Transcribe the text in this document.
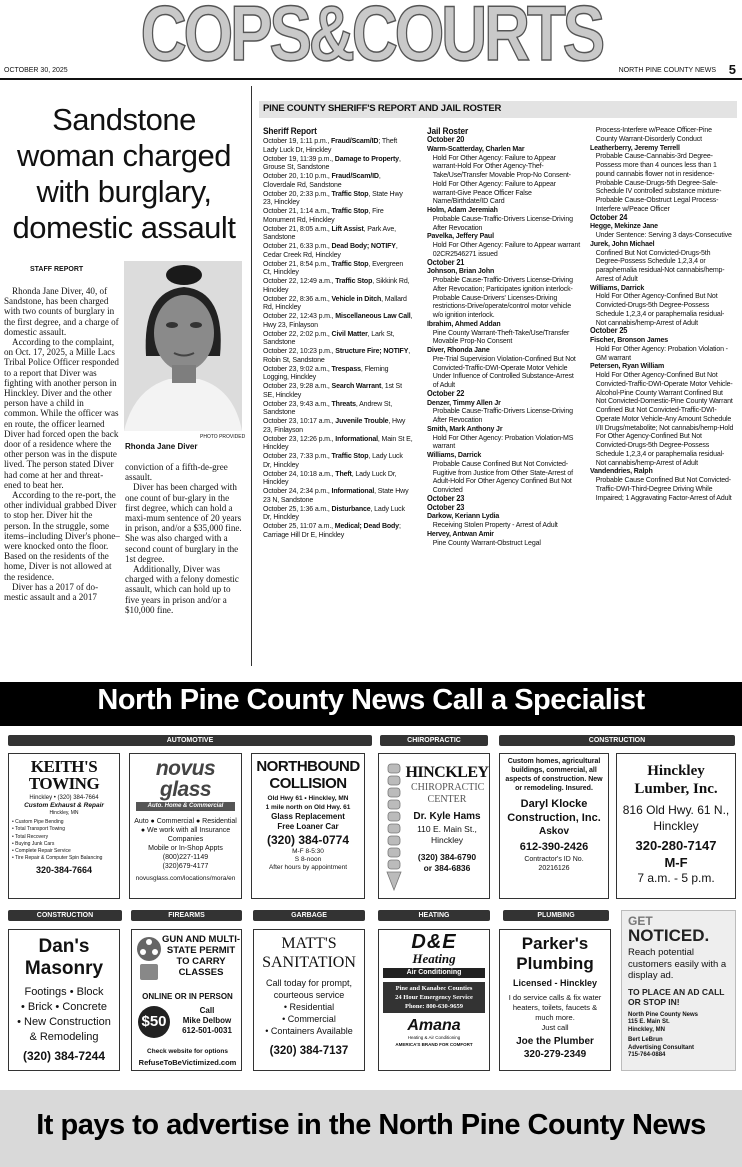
COPS&COURTS
OCTOBER 30, 2025	NORTH PINE COUNTY NEWS 5
Sandstone woman charged with burglary, domestic assault
STAFF REPORT

Rhonda Jane Diver, 40, of Sandstone, has been charged with two counts of burglary in the first degree, and a charge of domestic assault.

According to the complaint, on Oct. 17, 2025, a Mille Lacs Tribal Police Officer responded to a report that Diver was fighting with another person in Hinckley. Diver and the other person have a child in common. While the officer was en route, the officer learned Diver had forced open the back door of a residence where the other person was in the dispute lived. The person stated Diver had come at her and threat-ened to beat her.

According to the re-port, the other individual grabbed Diver to stop her. Diver hit the person. In the struggle, some items–including Diver's phone–were knocked onto the floor. Based on the residents of the home, Diver is not allowed at the residence.

Diver has a 2017 of do-mestic assault and a 2017

PHOTO PROVIDED
Rhonda Jane Diver

conviction of a fifth-de-gree assault.

Diver has been charged with one count of bur-glary in the first degree, which can hold a maxi-mum sentence of 20 years in prison, and/or a $35,000 fine. She was also charged with a second count of burglary in the 1st degree.

Additionally, Diver was charged with a felony domestic assault, which can hold up to five years in prison and/or a $10,000 fine.

PINE COUNTY SHERIFF'S REPORT AND JAIL ROSTER
Sheriff Report
October 19, 1:11 p.m., Fraud/Scam/ID; Theft Lady Luck Dr, Hinckley
October 19, 11:39 p.m., Damage to Property, Grouse St, Sandstone
October 20, 1:10 p.m., Fraud/Scam/ID, Cloverdale Rd, Sandstone
October 20, 2:33 p.m., Traffic Stop, State Hwy 23, Hinckley
October 21, 1:14 a.m., Traffic Stop, Fire Monument Rd, Hinckley
October 21, 8:05 a.m., Lift Assist, Park Ave, Sandstone
October 21, 6:33 p.m., Dead Body; NOTIFY, Cedar Creek Rd, Hinckley
October 21, 8:54 p.m., Traffic Stop, Evergreen Ct, Hinckley
October 22, 12:49 a.m., Traffic Stop, Sikkink Rd, Hinckley
October 22, 8:36 a.m., Vehicle in Ditch, Mallard Rd, Hinckley
October 22, 12:43 p.m., Miscellaneous Law Call, Hwy 23, Finlayson
October 22, 2:02 p.m., Civil Matter, Lark St, Sandstone
October 22, 10:23 p.m., Structure Fire; NOTIFY, Robin St, Sandstone
October 23, 9:02 a.m., Trespass, Fleming Logging, Hinckley
October 23, 9:28 a.m., Search Warrant, 1st St SE, Hinckley
October 23, 9:43 a.m., Threats, Andrew St, Sandstone
October 23, 10:17 a.m., Juvenile Trouble, Hwy 23, Finlayson
October 23, 12:26 p.m., Informational, Main St E, Hinckley
October 23, 7:33 p.m., Traffic Stop, Lady Luck Dr, Hinckley
October 24, 10:18 a.m., Theft, Lady Luck Dr, Hinckley
October 24, 2:34 p.m., Informational, State Hwy 23 N, Sandstone
October 25, 1:36 a.m., Disturbance, Lady Luck Dr, Hinckley
October 25, 11:07 a.m., Medical; Dead Body; Carriage Hill Dr E, Hinckley
Jail Roster
October 20
Warm-Scatterday, Charlen Mar
Hold For Other Agency: Failure to Appear warrant-Hold For Other Agency-Thef-Take/Use/Transfer Movable Prop-No Consent-Hold For Other Agency: Failure to Appear warrant-Give Peace Officer False Name/Birthdate/ID Card
Holm, Adam Jeremiah
Probable Cause-Traffic-Drivers License-Driving After Revocation
Pavelka, Jeffery Paul
Hold For Other Agency: Failure to Appear warrant 02CR2546271 issued
October 21
Johnson, Brian John
Probable Cause-Traffic-Drivers License-Driving After Revocation; Participates ignition interlock-Probable Cause-Drivers' Licenses-Driving restrictions-Drive/operate/control motor vehicle w/o ignition interlock.
Ibrahim, Ahmed Addan
Pine County Warrant-Theft-Take/Use/Transfer Movable Prop-No Consent
Diver, Rhonda Jane
Pre-Trial Supervision Violation-Confined But Not Convicted-Traffic-DWI-Operate Motor Vehicle Under Influence of Controlled Substance-Arrest of Adult
October 22
Denzer, Timmy Allen Jr
Probable Cause-Traffic-Drivers License-Driving After Revocation
Smith, Mark Anthony Jr
Hold For Other Agency: Probation Violation-MS warrant
Williams, Darrick
Probable Cause Confined But Not Convicted-Fugitive from Justice from Other State-Arrest of Adult-Hold For Other Agency Confined But Not Convicted
October 23
October 23
Darkow, Keriann Lydia
Receiving Stolen Property - Arrest of Adult
Hervey, Antwan Amir
Pine County Warrant-Obstruct Legal
Process-Interfere w/Peace Officer-Pine County Warrant-Disorderly Conduct
Leatherberry, Jeremy Terrell
Probable Cause-Cannabis-3rd Degree-Possess more than 4 ounces less than 1 pound cannabis flower not in residence-Probable Cause-Drugs-5th Degree-Sale-Schedule IV controlled substance mixture-Probable Cause-Obstruct Legal Process-Interfere w/Peace Officer
October 24
Hegge, Mekinze Jane
Under Sentence: Serving 3 days-Consecutive
Jurek, John Michael
Confined But Not Convicted-Drugs-5th Degree-Possess Schedule 1,2,3,4 or paraphernalia residual-Not cannabis/hemp-Arrest of Adult
Williams, Darrick
Hold For Other Agency-Confined But Not Convicted-Drugs-5th Degree-Possess Schedule 1,2,3,4 or paraphernalia residual-Not cannabis/hemp-Arrest of Adult
October 25
Fischer, Bronson James
Hold For Other Agency: Probation Violation - GM warrant
Petersen, Ryan William
Hold For Other Agency-Confined But Not Convicted-Traffic-DWI-Operate Motor Vehicle-Alcohol-Pine County Warrant Confined But Not Convicted-Domestic-Pine County Warrant Confined But Not Convicted-Traffic-DWI-Operate Motor Vehicle-Any Amount Schedule I/II Drugs/metabolite; Not cannabis/hemp-Hold For Other Agency-Confined But Not Convicted-Drugs-5th Degree-Possess Schedule 1,2,3,4 or paraphernalia residual-Not cannabis/hemp-Arrest of Adult
Vandendries, Ralph
Probable Cause Confined But Not Convicted-Traffic-DWI-Third-Degree Driving While Impaired; 1 Aggravating Factor-Arrest of Adult
North Pine County News Call a Specialist
AUTOMOTIVE	CHIROPRACTIC	CONSTRUCTION
KEITH'S TOWING
Hinckley • (320) 384-7664
Custom Exhaust & Repair
Hinckley, MN
• Custom Pipe Bending
• Total Transport Towing
• Total Recovery
• Buying Junk Cars
• Complete Repair Service
• Tire Repair & Computer Spin Balancing
320-384-7664
novus glass
Auto. Home & Commercial
Auto ● Commercial ● Residential
● We work with all Insurance Companies
Mobile or In-Shop Appts
(800)227-1149
(320)679-4177
novusglass.com/locations/mora/en
NORTHBOUND COLLISION
Old Hwy 61 • Hinckley, MN
1 mile north on Old Hwy. 61
Glass Replacement Free Loaner Car
(320) 384-0774
M-F 8-5:30
S 8-noon
After hours by appointment
HINCKLEY
CHIROPRACTIC CENTER
Dr. Kyle Hams
110 E. Main St., Hinckley
(320) 384-6790
or 384-6836
Custom homes, agricultural buildings, commercial, all aspects of construction. New or remodeling. Insured.
Daryl Klocke Construction, Inc.
Askov
612-390-2426
Contractor's ID No. 20216126
Hinckley Lumber, Inc.
816 Old Hwy. 61 N., Hinckley
320-280-7147
M-F
7 a.m. - 5 p.m.
CONSTRUCTION	FIREARMS	GARBAGE	HEATING	PLUMBING
Dan's Masonry
Footings • Block
• Brick • Concrete
• New Construction
& Remodeling
(320) 384-7244
GUN AND MULTI-STATE PERMIT TO CARRY CLASSES
ONLINE OR IN PERSON
$50
Call
Mike Delbow
612-501-0031
Check website for options
RefuseToBeVictimized.com
MATT'S SANITATION
Call today for prompt, courteous service
• Residential
• Commercial
• Containers Available
(320) 384-7137
D&E
Heating
Air Conditioning
Pine and Kanabec Counties
24 Hour Emergency Service
Phone: 800-630-9659
Amana
Heating & Air Conditioning
AMERICA'S BRAND FOR COMFORT
Parker's Plumbing
Licensed - Hinckley
I do service calls & fix water heaters, toilets, faucets & much more.
Just call
Joe the Plumber
320-279-2349
GET
NOTICED.
Reach potential customers easily with a display ad.
TO PLACE AN AD CALL OR STOP IN!
North Pine County News
115 E. Main St.
Hinckley, MN
Bert LeBrun
Advertising Consultant
715-764-0884
It pays to advertise in the North Pine County News
